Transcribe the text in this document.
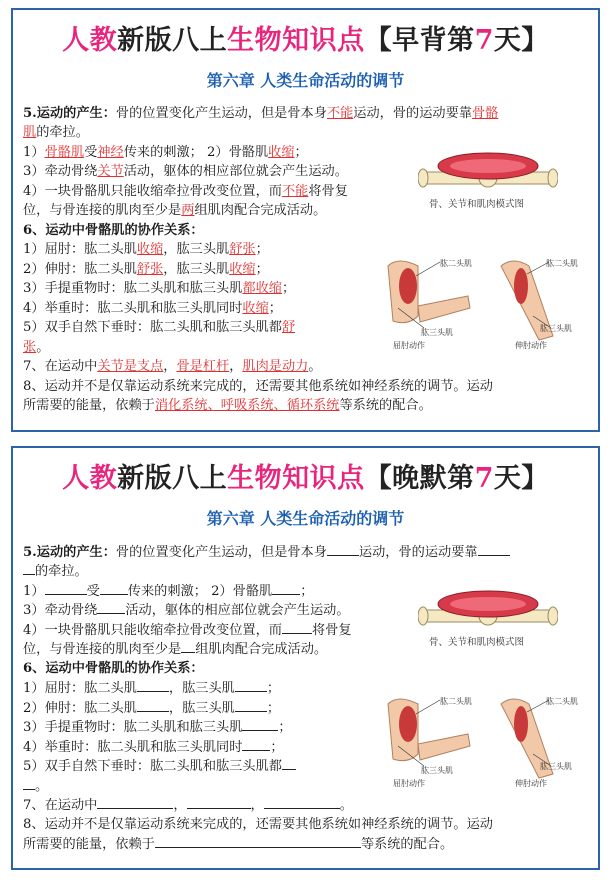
人教新版八上生物知识点【早背第7天】
第六章 人类生命活动的调节
5.运动的产生：骨的位置变化产生运动，但是骨本身不能运动，骨的运动要靠骨骼
肌的牵拉。
1）骨骼肌受神经传来的刺激； 2）骨骼肌收缩；
3）牵动骨绕关节活动，躯体的相应部位就会产生运动。
4）一块骨骼肌只能收缩牵拉骨改变位置，而不能将骨复
位，与骨连接的肌肉至少是两组肌肉配合完成活动。
6、运动中骨骼肌的协作关系：
1）屈肘：肱二头肌收缩，肱三头肌舒张；
2）伸肘：肱二头肌舒张，肱三头肌收缩；
3）手提重物时：肱二头肌和肱三头肌都收缩；
4）举重时：肱二头肌和肱三头肌同时收缩；
5）双手自然下垂时：肱二头肌和肱三头肌都舒
张。
7、在运动中关节是支点，骨是杠杆，肌肉是动力。
8、运动并不是仅靠运动系统来完成的，还需要其他系统如神经系统的调节。运动
所需要的能量，依赖于消化系统、呼吸系统、循环系统等系统的配合。
骨、关节和肌肉模式图
肱二头肌
肱三头肌
屈肘动作
肱二头肌
肱三头肌
伸肘动作
人教新版八上生物知识点【晚默第7天】
第六章 人类生命活动的调节
5.运动的产生：骨的位置变化产生运动，但是骨本身 运动，骨的运动要靠
的牵拉。
1）	受 传来的刺激； 2）骨骼肌 ；
3）牵动骨绕 活动，躯体的相应部位就会产生运动。
4）一块骨骼肌只能收缩牵拉骨改变位置，而 将骨复
位，与骨连接的肌肉至少是 组肌肉配合完成活动。
6、运动中骨骼肌的协作关系：
1）屈肘：肱二头肌 ，肱三头肌 ；
2）伸肘：肱二头肌 ，肱三头肌 ；
3）手提重物时：肱二头肌和肱三头肌	；
4）举重时：肱二头肌和肱三头肌同时 ；
5）双手自然下垂时：肱二头肌和肱三头肌都
。
7、在运动中	，	，	。
8、运动并不是仅靠运动系统来完成的，还需要其他系统如神经系统的调节。运动
所需要的能量，依赖于	等系统的配合。
骨、关节和肌肉模式图
肱二头肌
肱三头肌
屈肘动作
肱二头肌
肱三头肌
伸肘动作
